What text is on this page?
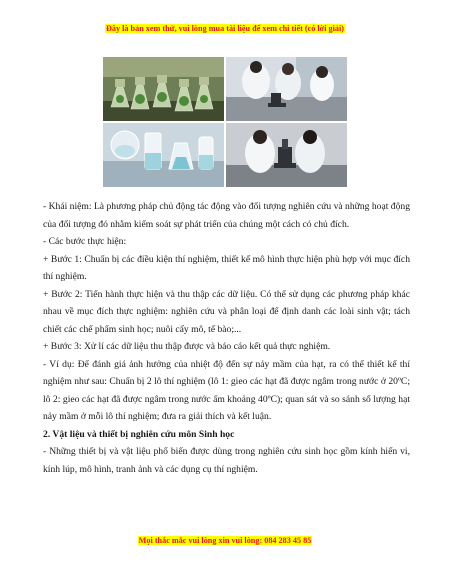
Đây là bản xem thử, vui lòng mua tài liệu để xem chi tiết (có lời giải)

- Khái niệm: Là phương pháp chủ động tác động vào đối tượng nghiên cứu và những hoạt động của đối tượng đó nhằm kiểm soát sự phát triển của chúng một cách có chủ đích.

- Các bước thực hiện:

+ Bước 1: Chuẩn bị các điều kiện thí nghiệm, thiết kế mô hình thực hiện phù hợp với mục đích thí nghiệm.

+ Bước 2: Tiến hành thực hiện và thu thập các dữ liệu. Có thể sử dụng các phương pháp khác nhau về mục đích thực nghiệm: nghiên cứu và phân loại để định danh các loài sinh vật; tách chiết các chế phẩm sinh học; nuôi cấy mô, tế bào;...

+ Bước 3: Xử lí các dữ liệu thu thập được và báo cáo kết quả thực nghiệm.

- Ví dụ: Để đánh giá ảnh hưởng của nhiệt độ đến sự nảy mầm của hạt, ra có thể thiết kế thí nghiệm như sau: Chuẩn bị 2 lô thí nghiệm (lô 1: gieo các hạt đã được ngâm trong nước ở 20ºC; lô 2: gieo các hạt đã được ngâm trong nước ấm khoảng 40ºC); quan sát và so sánh số lượng hạt nảy mầm ở mỗi lô thí nghiệm; đưa ra giải thích và kết luận.

2. Vật liệu và thiết bị nghiên cứu môn Sinh học

- Những thiết bị và vật liệu phổ biến được dùng trong nghiên cứu sinh học gồm kính hiển vi, kính lúp, mô hình, tranh ảnh và các dụng cụ thí nghiệm.

Mọi thắc mắc vui lòng xin vui lòng: 084 283 45 85
